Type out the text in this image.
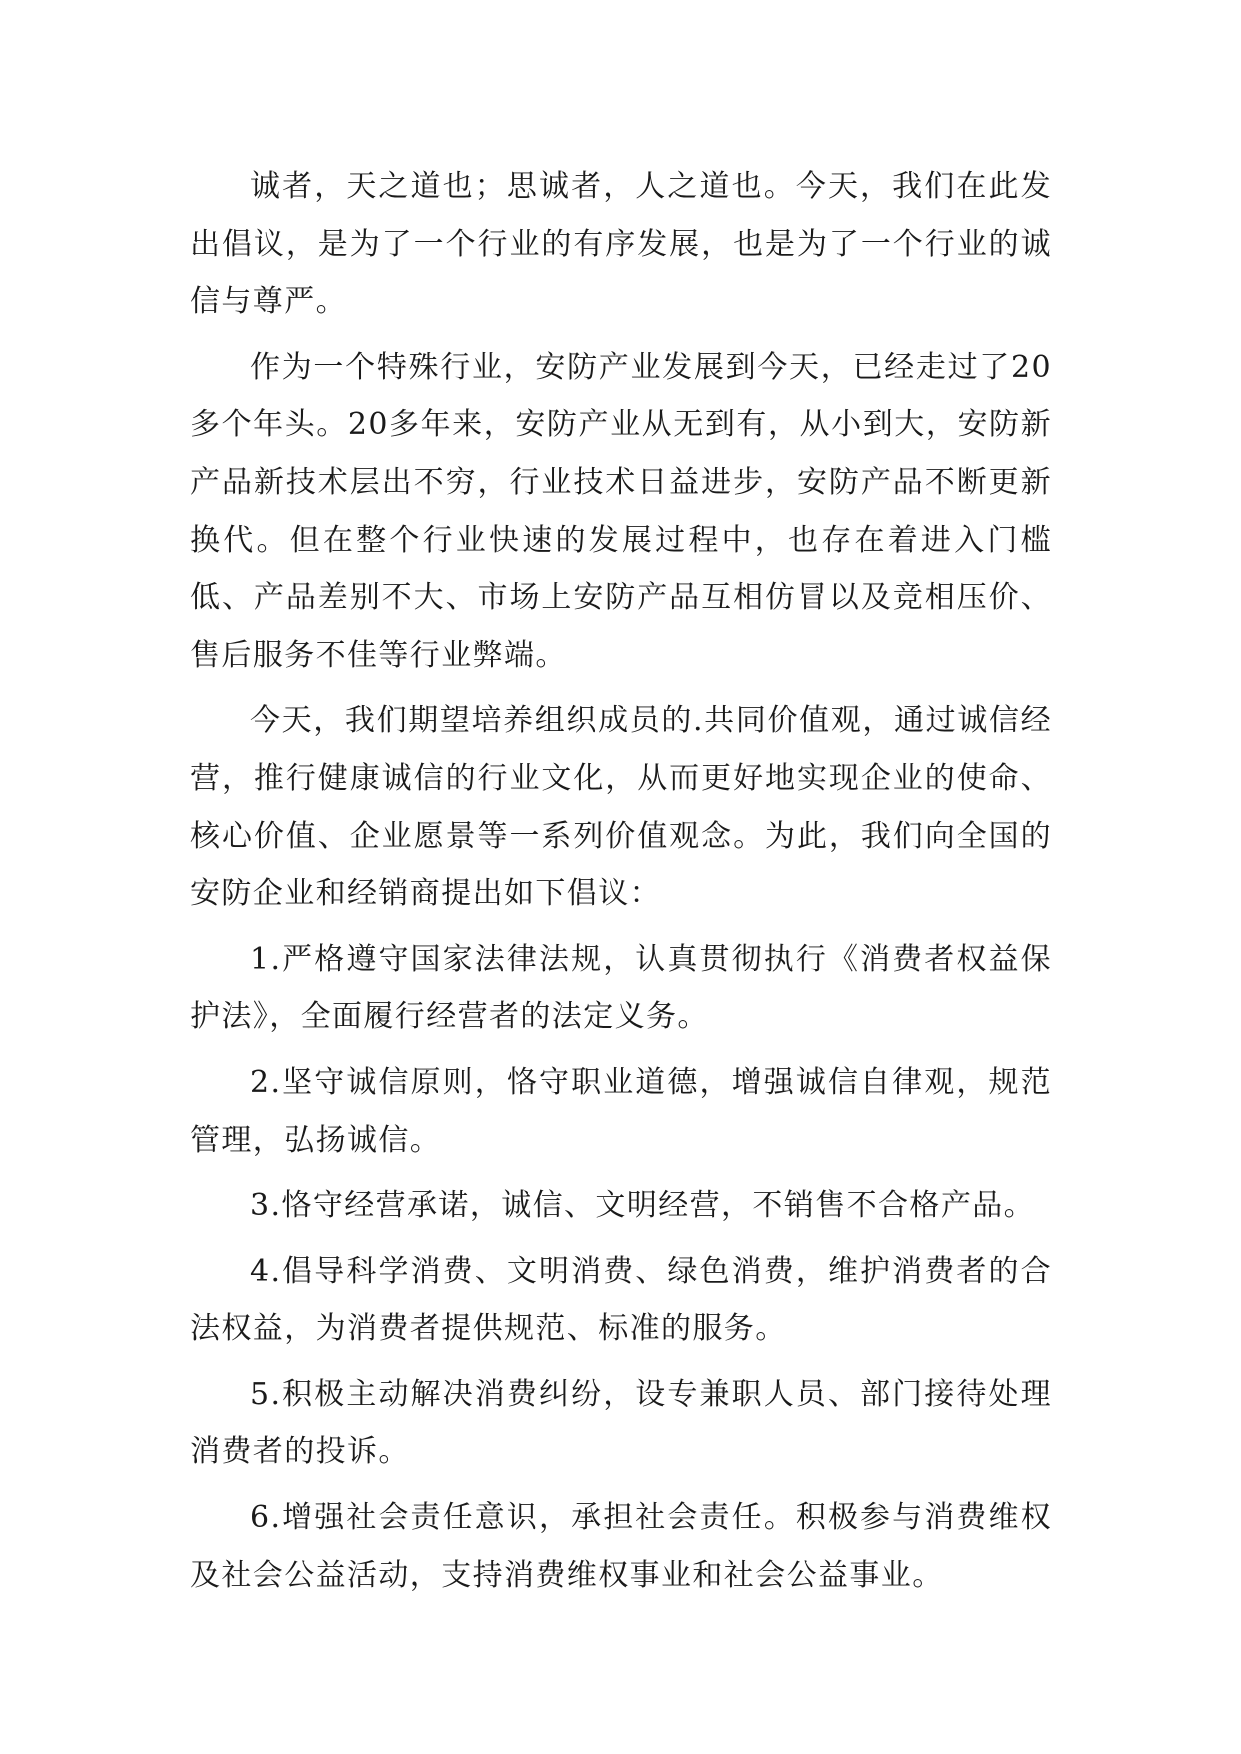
诚者，天之道也；思诚者，人之道也。今天，我们在此发出倡议，是为了一个行业的有序发展，也是为了一个行业的诚信与尊严。

作为一个特殊行业，安防产业发展到今天，已经走过了20多个年头。20多年来，安防产业从无到有，从小到大，安防新产品新技术层出不穷，行业技术日益进步，安防产品不断更新换代。但在整个行业快速的发展过程中，也存在着进入门槛低、产品差别不大、市场上安防产品互相仿冒以及竞相压价、售后服务不佳等行业弊端。

今天，我们期望培养组织成员的.共同价值观，通过诚信经营，推行健康诚信的行业文化，从而更好地实现企业的使命、核心价值、企业愿景等一系列价值观念。为此，我们向全国的安防企业和经销商提出如下倡议：

1.严格遵守国家法律法规，认真贯彻执行《消费者权益保护法》，全面履行经营者的法定义务。

2.坚守诚信原则，恪守职业道德，增强诚信自律观，规范管理，弘扬诚信。

3.恪守经营承诺，诚信、文明经营，不销售不合格产品。

4.倡导科学消费、文明消费、绿色消费，维护消费者的合法权益，为消费者提供规范、标准的服务。

5.积极主动解决消费纠纷，设专兼职人员、部门接待处理消费者的投诉。

6.增强社会责任意识，承担社会责任。积极参与消费维权及社会公益活动，支持消费维权事业和社会公益事业。
